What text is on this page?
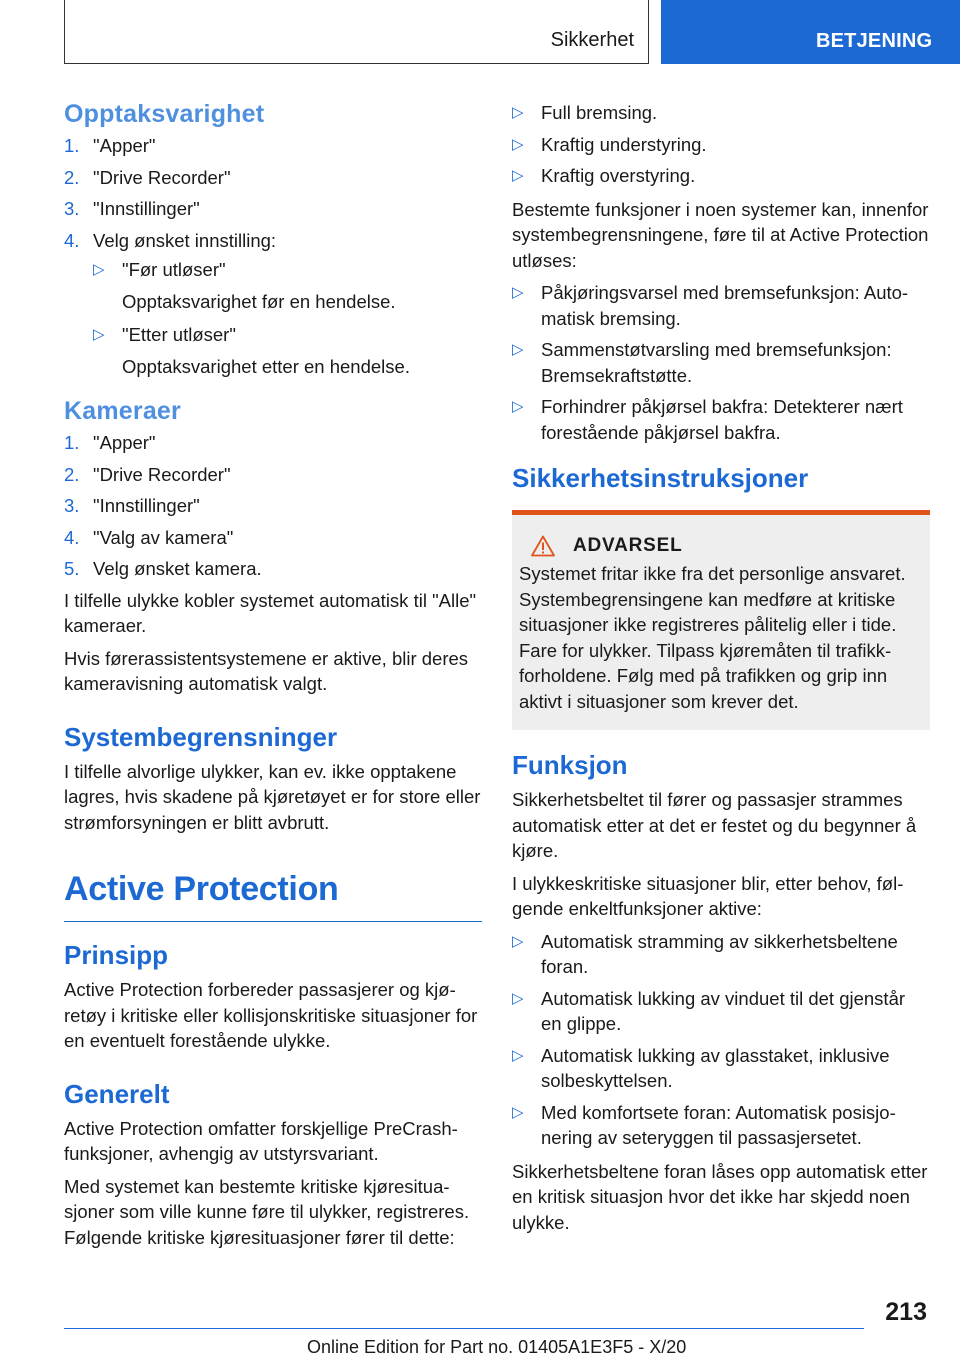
Sikkerhet	BETJENING
Opptaksvarighet
1. "Apper"
2. "Drive Recorder"
3. "Innstillinger"
4. Velg ønsket innstilling:
▷ "Før utløser"
Opptaksvarighet før en hendelse.
▷ "Etter utløser"
Opptaksvarighet etter en hendelse.
Kameraer
1. "Apper"
2. "Drive Recorder"
3. "Innstillinger"
4. "Valg av kamera"
5. Velg ønsket kamera.

I tilfelle ulykke kobler systemet automatisk til "Alle" kameraer.

Hvis førerassistentsystemene er aktive, blir deres kameravisning automatisk valgt.

Systembegrensninger

I tilfelle alvorlige ulykker, kan ev. ikke opptakene lagres, hvis skadene på kjøretøyet er for store eller strømforsyningen er blitt avbrutt.

Active Protection
Prinsipp

Active Protection forbereder passasjerer og kjøretøy i kritiske eller kollisjonskritiske situasjoner for en eventuelt forestående ulykke.

Generelt

Active Protection omfatter forskjellige PreCrash-funksjoner, avhengig av utstyrsvariant.

Med systemet kan bestemte kritiske kjøresituasjoner som ville kunne føre til ulykker, registreres. Følgende kritiske kjøresituasjoner fører til dette:

▷ Full bremsing.
▷ Kraftig understyring.
▷ Kraftig overstyring.

Bestemte funksjoner i noen systemer kan, innenfor systembegrensningene, føre til at Active Protection utløses:

▷ Påkjøringsvarsel med bremsefunksjon: Automatisk bremsing.
▷ Sammenstøtvarsling med bremsefunksjon: Bremsekraftstøtte.
▷ Forhindrer påkjørsel bakfra: Detekterer nært forestående påkjørsel bakfra.
Sikkerhetsinstruksjoner
ADVARSEL

Systemet fritar ikke fra det personlige ansvaret. Systembegrensingene kan medføre at kritiske situasjoner ikke registreres pålitelig eller i tide. Fare for ulykker. Tilpass kjøremåten til trafikkforholdene. Følg med på trafikken og grip inn aktivt i situasjoner som krever det.

Funksjon

Sikkerhetsbeltet til fører og passasjer strammes automatisk etter at det er festet og du begynner å kjøre.

I ulykkeskritiske situasjoner blir, etter behov, følgende enkeltfunksjoner aktive:

▷ Automatisk stramming av sikkerhetsbeltene foran.
▷ Automatisk lukking av vinduet til det gjenstår en glippe.
▷ Automatisk lukking av glasstaket, inklusive solbeskyttelsen.
▷ Med komfortsete foran: Automatisk posisjonering av seteryggen til passasjersetet.

Sikkerhetsbeltene foran låses opp automatisk etter en kritisk situasjon hvor det ikke har skjedd noen ulykke.

213
Online Edition for Part no. 01405A1E3F5 - X/20
